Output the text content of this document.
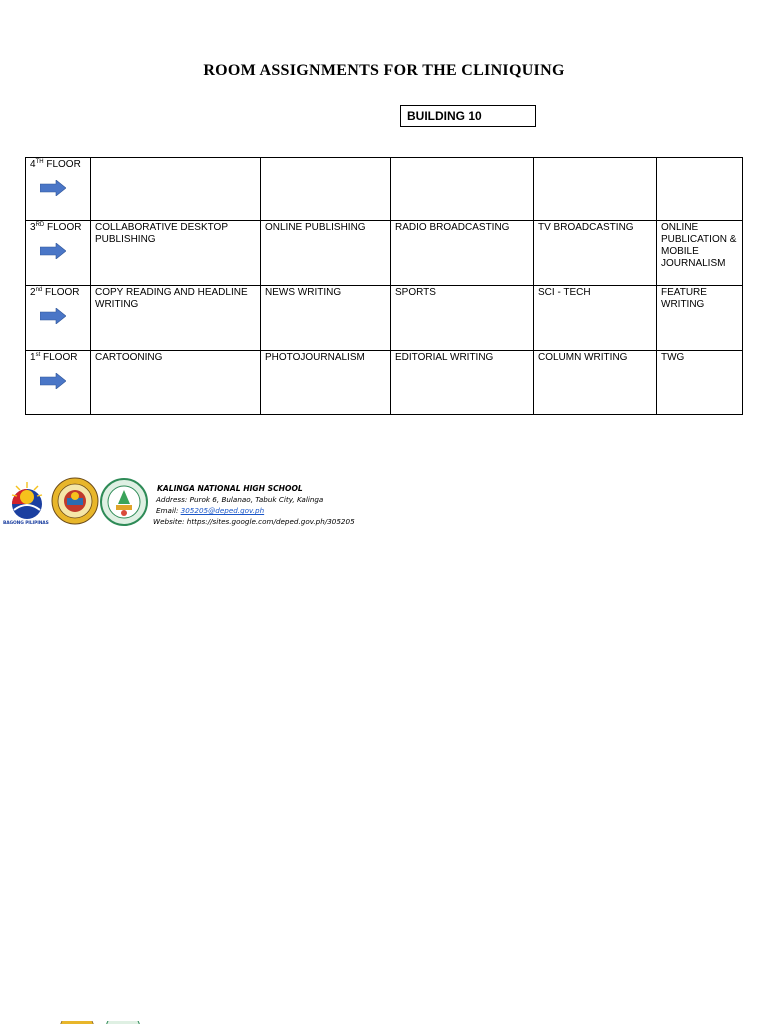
ROOM ASSIGNMENTS FOR THE CLINIQUING
BUILDING 10
4TH FLOOR					

3RD FLOOR	COLLABORATIVE DESKTOP PUBLISHING	ONLINE PUBLISHING	RADIO BROADCASTING	TV BROADCASTING	ONLINE PUBLICATION & MOBILE JOURNALISM

2nd FLOOR	COPY READING AND HEADLINE WRITING	NEWS WRITING	SPORTS	SCI - TECH	FEATURE WRITING

1st FLOOR	CARTOONING	PHOTOJOURNALISM	EDITORIAL WRITING	COLUMN WRITING	TWG
BAGONG PILIPINAS
KALINGA NATIONAL HIGH SCHOOL
Address: Purok 6, Bulanao, Tabuk City, Kalinga
Email: 305205@deped.gov.ph
Website: https://sites.google.com/deped.gov.ph/305205
